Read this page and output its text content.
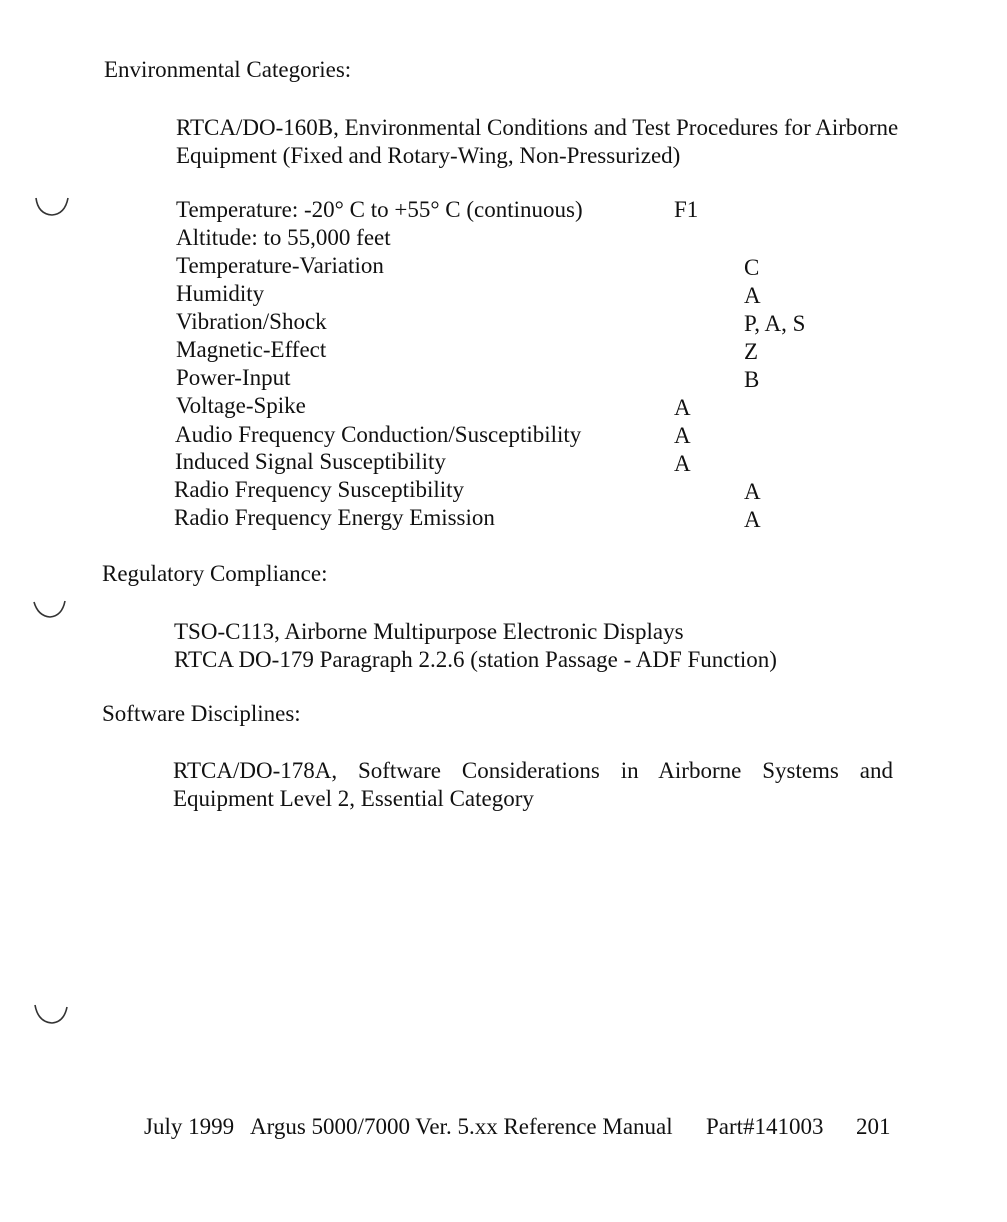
Environmental Categories:
RTCA/DO-160B, Environmental Conditions and Test Procedures for Airborne
Equipment (Fixed and Rotary-Wing, Non-Pressurized)
Temperature: -20° C to +55° C (continuous)	F1
Altitude: to 55,000 feet
Temperature-Variation	C
Humidity	A
Vibration/Shock	P, A, S
Magnetic-Effect	Z
Power-Input	B
Voltage-Spike	A
Audio Frequency Conduction/Susceptibility	A
Induced Signal Susceptibility	A
Radio Frequency Susceptibility	A
Radio Frequency Energy Emission	A
Regulatory Compliance:
TSO-C113, Airborne Multipurpose Electronic Displays
RTCA DO-179 Paragraph 2.2.6 (station Passage - ADF Function)
Software Disciplines:
RTCA/DO-178A, Software Considerations in Airborne Systems and
Equipment Level 2, Essential Category
July 1999 Argus 5000/7000 Ver. 5.xx Reference Manual Part#141003 201
